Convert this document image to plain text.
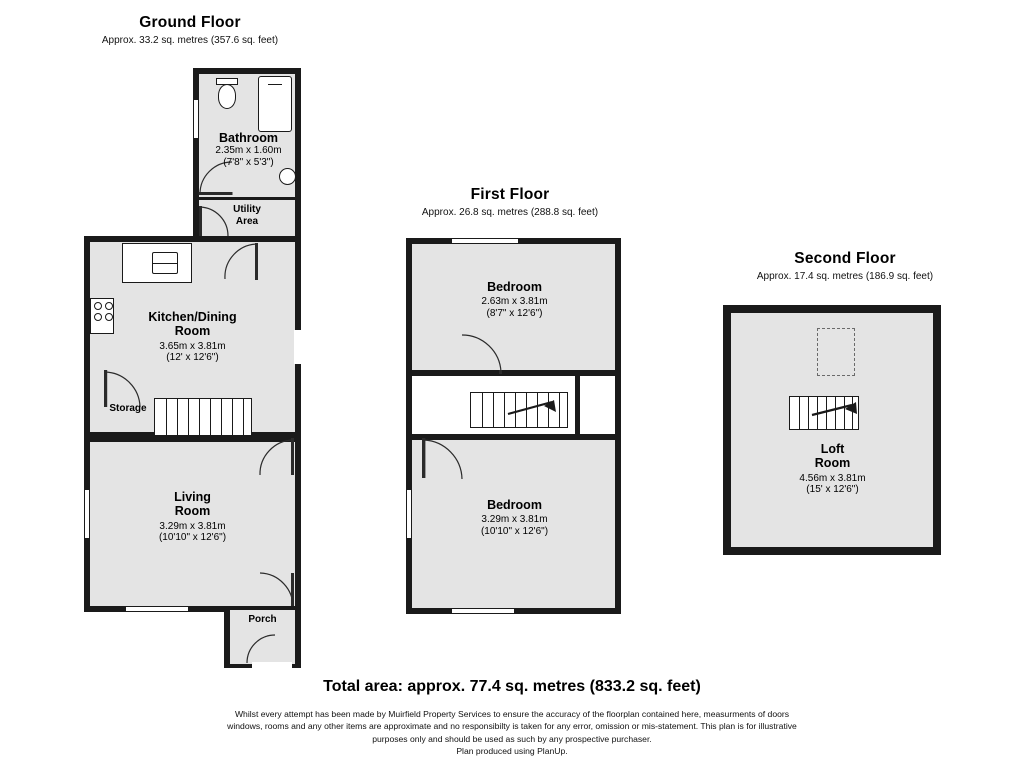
Ground Floor
Approx. 33.2 sq. metres (357.6 sq. feet)
Bathroom
2.35m x 1.60m
(7'8" x 5'3")
Utility
Area
Kitchen/Dining
Room
3.65m x 3.81m
(12' x 12'6")
Storage
Living
Room
3.29m x 3.81m
(10'10" x 12'6")
Porch
First Floor
Approx. 26.8 sq. metres (288.8 sq. feet)
Bedroom
2.63m x 3.81m
(8'7" x 12'6")
Bedroom
3.29m x 3.81m
(10'10" x 12'6")
Second Floor
Approx. 17.4 sq. metres (186.9 sq. feet)
Loft
Room
4.56m x 3.81m
(15' x 12'6")
Total area: approx. 77.4 sq. metres (833.2 sq. feet)
Whilst every attempt has been made by Muirfield Property Services to ensure the accuracy of the floorplan contained here, measurments of doors
windows, rooms and any other items are approximate and no responsibilty is taken for any error, omission or mis-statement. This plan is for illustrative
purposes only and should be used as such by any prospective purchaser.
Plan produced using PlanUp.
